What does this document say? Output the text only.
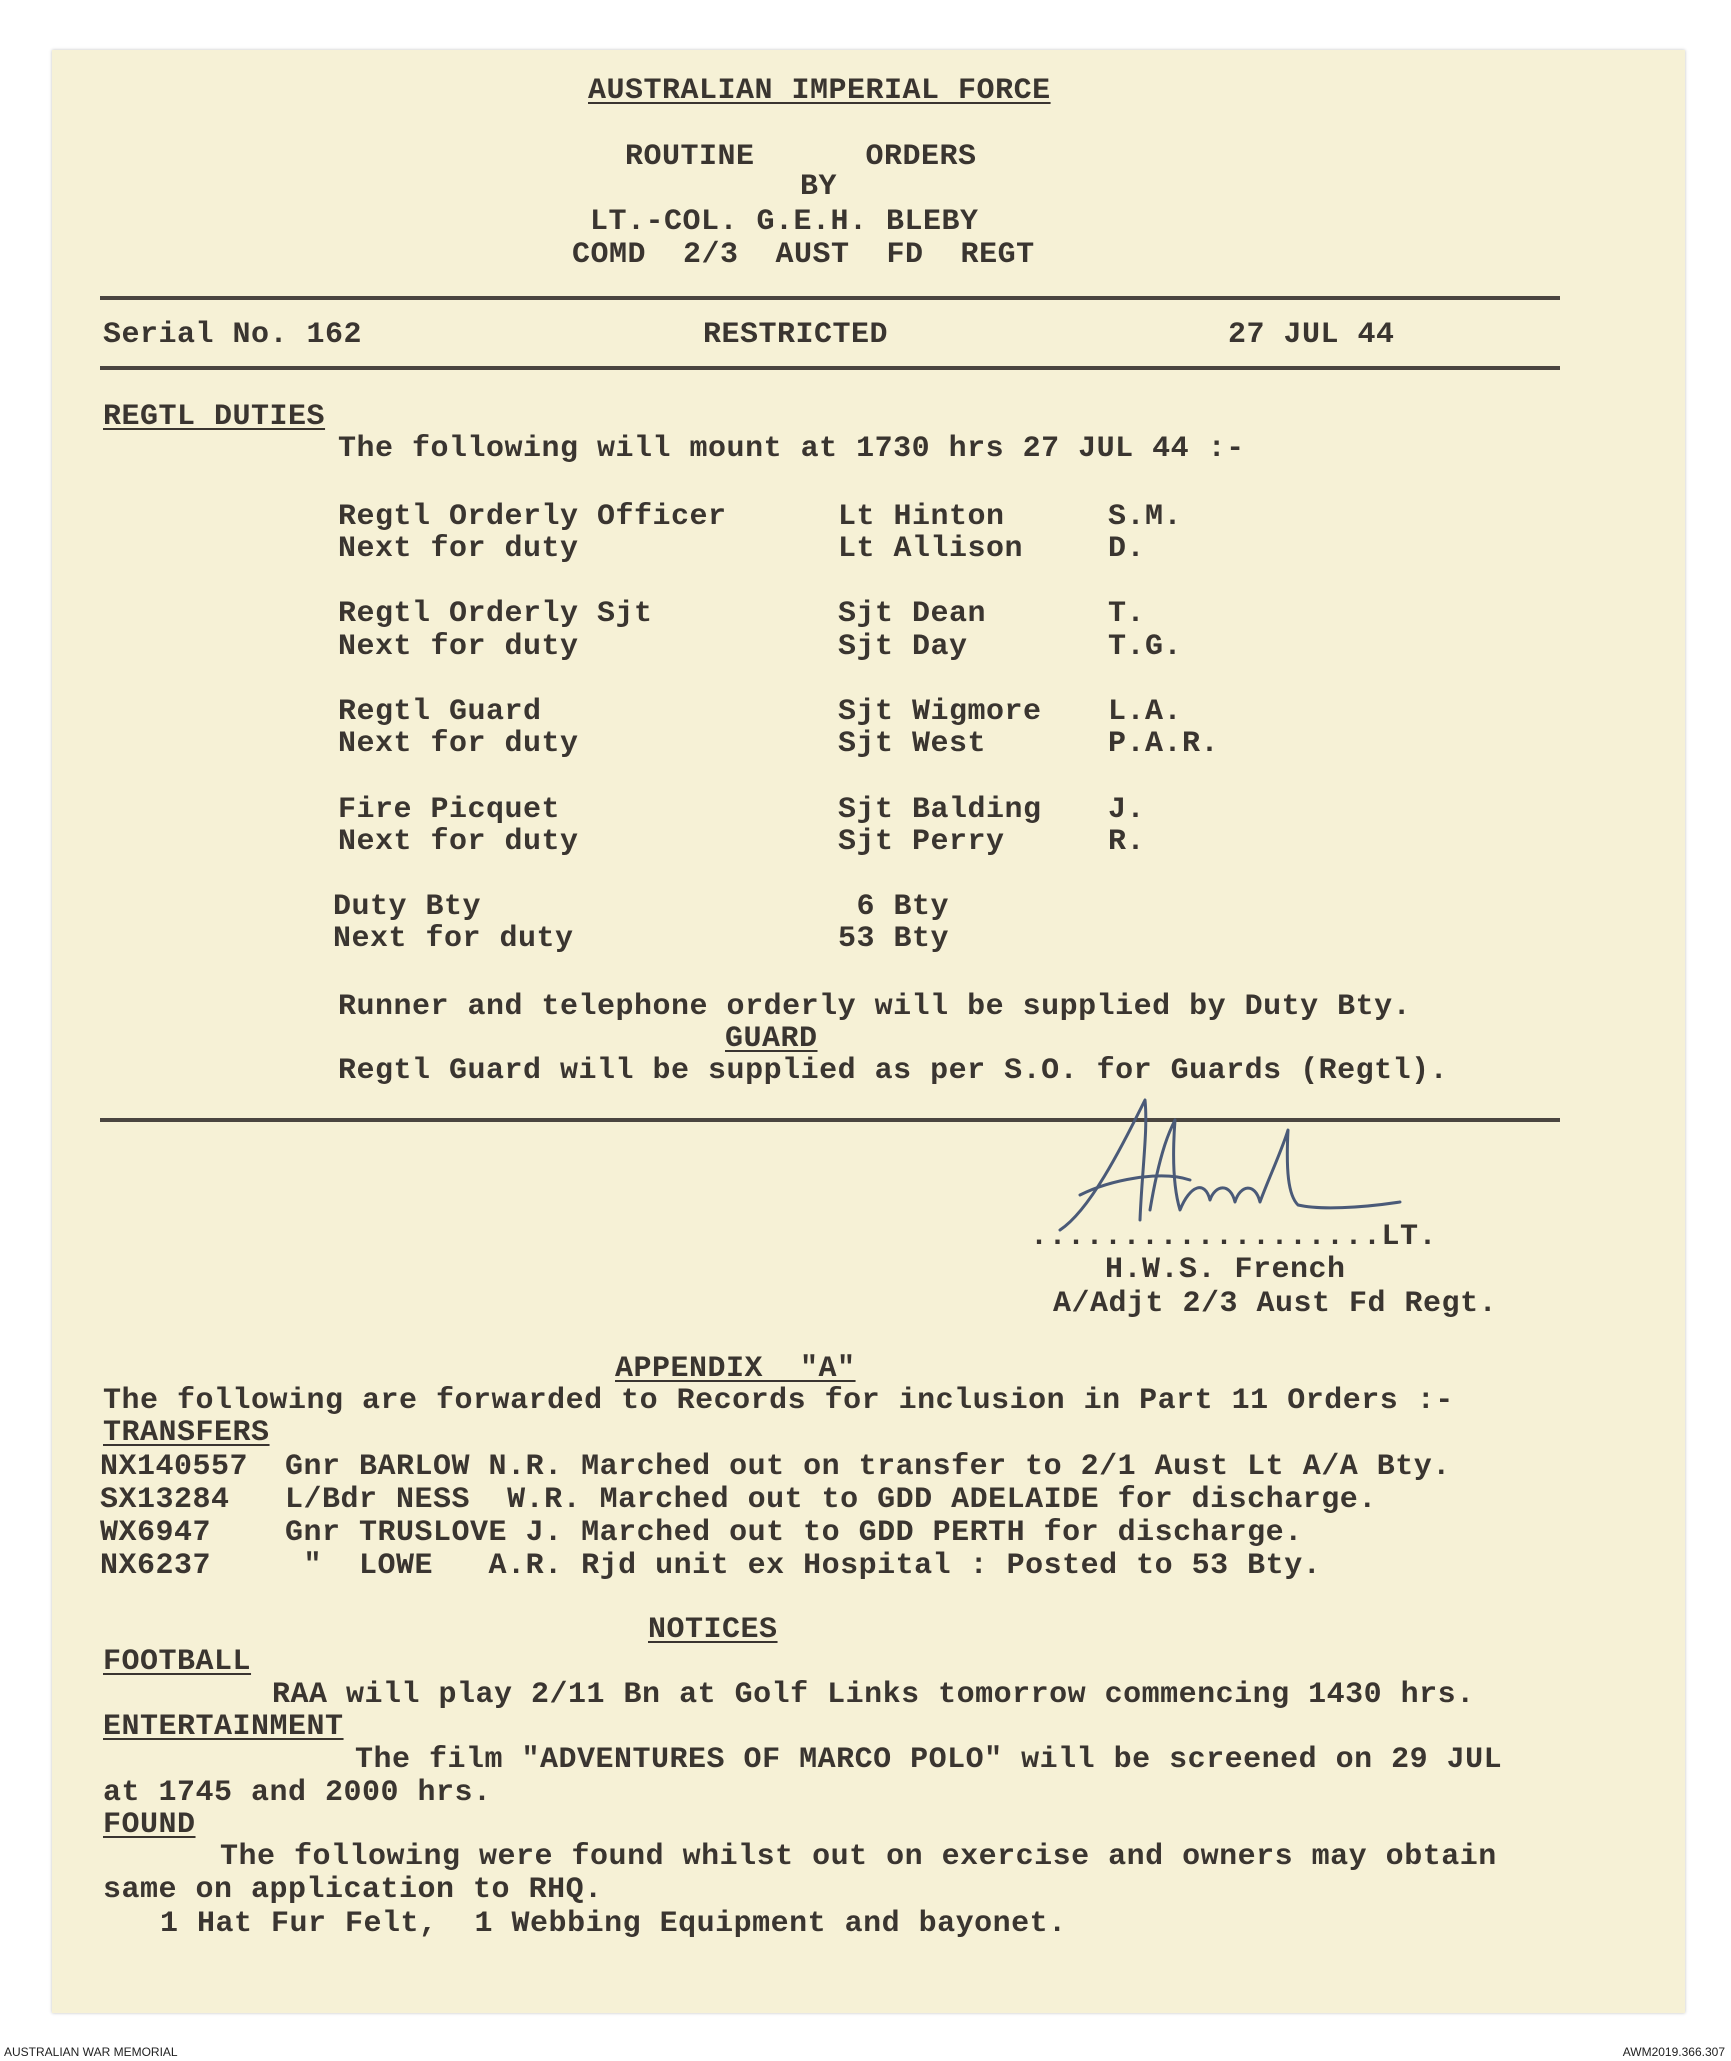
AUSTRALIAN IMPERIAL FORCE
ROUTINE      ORDERS
BY
LT.-COL. G.E.H. BLEBY
COMD  2/3  AUST  FD  REGT
Serial No. 162	RESTRICTED	27 JUL 44
REGTL DUTIES
The following will mount at 1730 hrs 27 JUL 44 :-
Regtl Orderly Officer	Lt Hinton	S.M.
Next for duty	Lt Allison	D.
Regtl Orderly Sjt	Sjt Dean	T.
Next for duty	Sjt Day	T.G.
Regtl Guard	Sjt Wigmore L.A.
Next for duty	Sjt West	P.A.R.
Fire Picquet	Sjt Balding J.
Next for duty	Sjt Perry	R.
Duty Bty	6 Bty
Next for duty	53 Bty
Runner and telephone orderly will be supplied by Duty Bty.
GUARD
Regtl Guard will be supplied as per S.O. for Guards (Regtl).
...................LT.
H.W.S. French
A/Adjt 2/3 Aust Fd Regt.
APPENDIX  "A"
The following are forwarded to Records for inclusion in Part 11 Orders :-
TRANSFERS
NX140557  Gnr BARLOW N.R. Marched out on transfer to 2/1 Aust Lt A/A Bty.
SX13284   L/Bdr NESS  W.R. Marched out to GDD ADELAIDE for discharge.
WX6947    Gnr TRUSLOVE J. Marched out to GDD PERTH for discharge.
NX6237     "  LOWE   A.R. Rjd unit ex Hospital : Posted to 53 Bty.
NOTICES
FOOTBALL
RAA will play 2/11 Bn at Golf Links tomorrow commencing 1430 hrs.
ENTERTAINMENT
The film "ADVENTURES OF MARCO POLO" will be screened on 29 JUL
at 1745 and 2000 hrs.
FOUND
The following were found whilst out on exercise and owners may obtain
same on application to RHQ.
1 Hat Fur Felt,  1 Webbing Equipment and bayonet.
AUSTRALIAN WAR MEMORIAL	AWM2019.366.307
